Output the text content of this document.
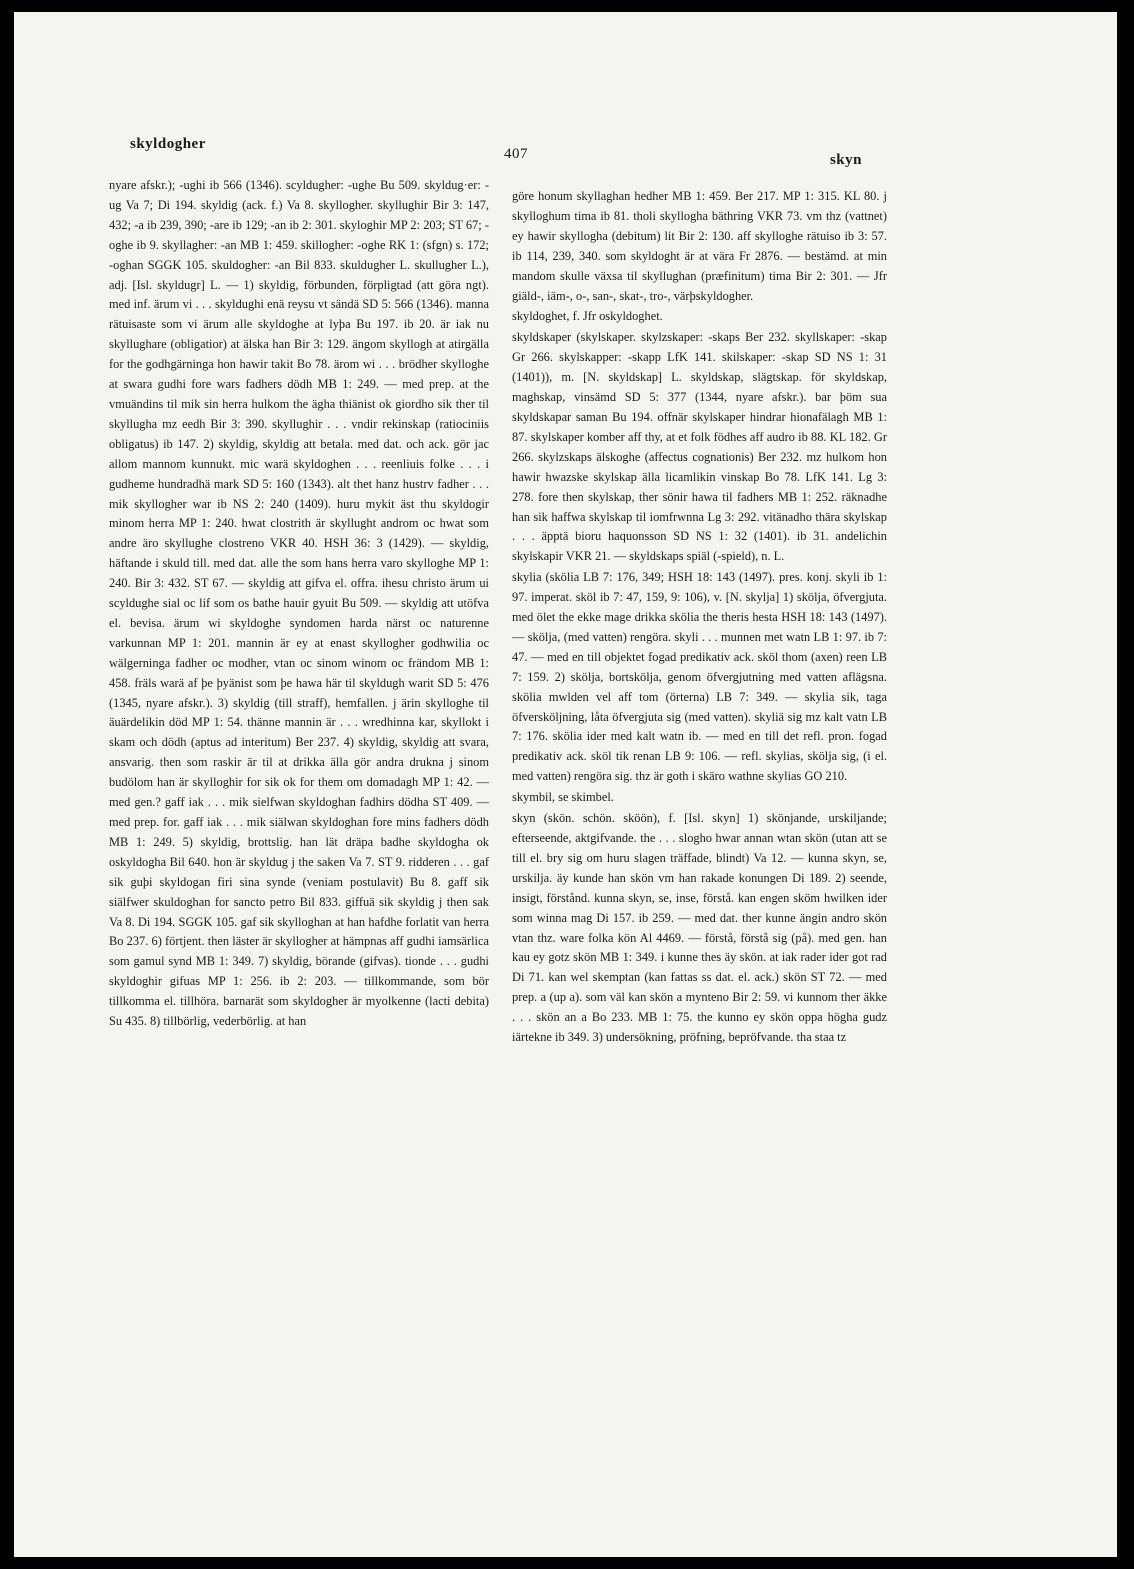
skyldogher
407	skyn

nyare afskr.); -ughi ib 566 (1346). scyldugher: -ughe Bu 509. skyldug·er: -ug Va 7; Di 194. skyldig (ack. f.) Va 8. skyllogher. skyllughir Bir 3: 147, 432; -a ib 239, 390; -are ib 129; -an ib 2: 301. skyloghir MP 2: 203; ST 67; -oghe ib 9. skyllagher: -an MB 1: 459. skillogher: -oghe RK 1: (sfgn) s. 172; -oghan SGGK 105. skuldogher: -an Bil 833. skuldugher L. skullugher L.), adj. [Isl. skyldugr] L. — 1) skyldig, förbunden, förpligtad (att göra ngt). med inf. ärum vi . . . skyldughi enä reysu vt sändä SD 5: 566 (1346). manna rätuisaste som vi ärum alle skyldoghe at lyþa Bu 197. ib 20. är iak nu skyllughare (obligatior) at älska han Bir 3: 129. ängom skyllogh at atirgälla for the godhgärninga hon hawir takit Bo 78. ärom wi . . . brödher skylloghe at swara gudhi fore wars fadhers dödh MB 1: 249. — med prep. at the vmuändins til mik sin herra hulkom the ägha thiänist ok giordho sik ther til skyllugha mz eedh Bir 3: 390. skyllughir . . . vndir rekinskap (ratiociniis obligatus) ib 147. 2) skyldig, skyldig att betala. med dat. och ack. gör jac allom mannom kunnukt. mic warä skyldoghen . . . reenliuis folke . . . i gudheme hundradhä mark SD 5: 160 (1343). alt thet hanz hustrv fadher . . . mik skyllogher war ib NS 2: 240 (1409). huru mykit äst thu skyldogir minom herra MP 1: 240. hwat clostrith är skyllught androm oc hwat som andre äro skyllughe clostreno VKR 40. HSH 36: 3 (1429). — skyldig, häftande i skuld till. med dat. alle the som hans herra varo skylloghe MP 1: 240. Bir 3: 432. ST 67. — skyldig att gifva el. offra. ihesu christo ärum ui scyldughe sial oc lif som os bathe hauir gyuit Bu 509. — skyldig att utöfva el. bevisa. ärum wi skyldoghe syndomen harda närst oc naturenne varkunnan MP 1: 201. mannin är ey at enast skyllogher godhwilia oc wälgerninga fadher oc modher, vtan oc sinom winom oc frändom MB 1: 458. fräls warä af þe þyänist som þe hawa här til skyldugh warit SD 5: 476 (1345, nyare afskr.). 3) skyldig (till straff), hemfallen. j ärin skylloghe til äuärdelikin död MP 1: 54. thänne mannin är . . . wredhinna kar, skyllokt i skam och dödh (aptus ad interitum) Ber 237. 4) skyldig, skyldig att svara, ansvarig. then som raskir är til at drikka älla gör andra drukna j sinom budölom han är skylloghir for sik ok for them om domadagh MP 1: 42. — med gen.? gaff iak . . . mik sielfwan skyldoghan fadhirs dödha ST 409. — med prep. for. gaff iak . . . mik siälwan skyldoghan fore mins fadhers dödh MB 1: 249. 5) skyldig, brottslig. han lät dräpa badhe skyldogha ok oskyldogha Bil 640. hon är skyldug j the saken Va 7. ST 9. ridderen . . . gaf sik guþi skyldogan firi sina synde (veniam postulavit) Bu 8. gaff sik siälfwer skuldoghan for sancto petro Bil 833. giffuä sik skyldig j then sak Va 8. Di 194. SGGK 105. gaf sik skylloghan at han hafdhe forlatit van herra Bo 237. 6) förtjent. then läster är skyllogher at hämpnas aff gudhi iamsärlica som gamul synd MB 1: 349. 7) skyldig, börande (gifvas). tionde . . . gudhi skyldoghir gifuas MP 1: 256. ib 2: 203. — tillkommande, som bör tillkomma el. tillhöra. barnarät som skyldogher är myolkenne (lacti debita) Su 435. 8) tillbörlig, vederbörlig. at han

göre honum skyllaghan hedher MB 1: 459. Ber 217. MP 1: 315. KL 80. j skylloghum tima ib 81. tholi skyllogha bäthring VKR 73. vm thz (vattnet) ey hawir skyllogha (debitum) lit Bir 2: 130. aff skylloghe rätuiso ib 3: 57. ib 114, 239, 340. som skyldoght är at vära Fr 2876. — bestämd. at min mandom skulle växsa til skyllughan (præfinitum) tima Bir 2: 301. — Jfr giäld-, iäm-, o-, san-, skat-, tro-, värþskyldogher.

skyldoghet, f. Jfr oskyldoghet.

skyldskaper (skylskaper. skylzskaper: -skaps Ber 232. skyllskaper: -skap Gr 266. skylskapper: -skapp LfK 141. skilskaper: -skap SD NS 1: 31 (1401)), m. [N. skyldskap] L. skyldskap, slägtskap. för skyldskap, maghskap, vinsämd SD 5: 377 (1344, nyare afskr.). bar þöm sua skyldskapar saman Bu 194. offnär skylskaper hindrar hionafälagh MB 1: 87. skylskaper komber aff thy, at et folk födhes aff audro ib 88. KL 182. Gr 266. skylzskaps älskoghe (affectus cognationis) Ber 232. mz hulkom hon hawir hwazske skylskap älla licamlikin vinskap Bo 78. LfK 141. Lg 3: 278. fore then skylskap, ther sönir hawa til fadhers MB 1: 252. räknadhe han sik haffwa skylskap til iomfrwnna Lg 3: 292. vitänadho thära skylskap . . . äpptä bioru haquonsson SD NS 1: 32 (1401). ib 31. andelichin skylskapir VKR 21. — skyldskaps spiäl (-spield), n. L.

skylia (skölia LB 7: 176, 349; HSH 18: 143 (1497). pres. konj. skyli ib 1: 97. imperat. sköl ib 7: 47, 159, 9: 106), v. [N. skylja] 1) skölja, öfvergjuta. med ölet the ekke mage drikka skölia the theris hesta HSH 18: 143 (1497). — skölja, (med vatten) rengöra. skyli . . . munnen met watn LB 1: 97. ib 7: 47. — med en till objektet fogad predikativ ack. sköl thom (axen) reen LB 7: 159. 2) skölja, bortskölja, genom öfvergjutning med vatten aflägsna. skölia mwlden vel aff tom (örterna) LB 7: 349. — skylia sik, taga öfversköljning, låta öfvergjuta sig (med vatten). skyliä sig mz kalt vatn LB 7: 176. skölia ider med kalt watn ib. — med en till det refl. pron. fogad predikativ ack. sköl tik renan LB 9: 106. — refl. skylias, skölja sig, (i el. med vatten) rengöra sig. thz är goth i skäro wathne skylias GO 210.

skymbil, se skimbel.

skyn (skön. schön. sköön), f. [Isl. skyn] 1) skönjande, urskiljande; efterseende, aktgifvande. the . . . slogho hwar annan wtan skön (utan att se till el. bry sig om huru slagen träffade, blindt) Va 12. — kunna skyn, se, urskilja. äy kunde han skön vm han rakade konungen Di 189. 2) seende, insigt, förstånd. kunna skyn, se, inse, förstå. kan engen sköm hwilken ider som winna mag Di 157. ib 259. — med dat. ther kunne ängin andro skön vtan thz. ware folka kön Al 4469. — förstå, förstå sig (på). med gen. han kau ey gotz skön MB 1: 349. i kunne thes äy skön. at iak rader ider got rad Di 71. kan wel skemptan (kan fattas ss dat. el. ack.) skön ST 72. — med prep. a (up a). som väl kan skön a mynteno Bir 2: 59. vi kunnom ther äkke . . . skön an a Bo 233. MB 1: 75. the kunno ey skön oppa högha gudz iärtekne ib 349. 3) undersökning, pröfning, bepröfvande. tha staa tz
